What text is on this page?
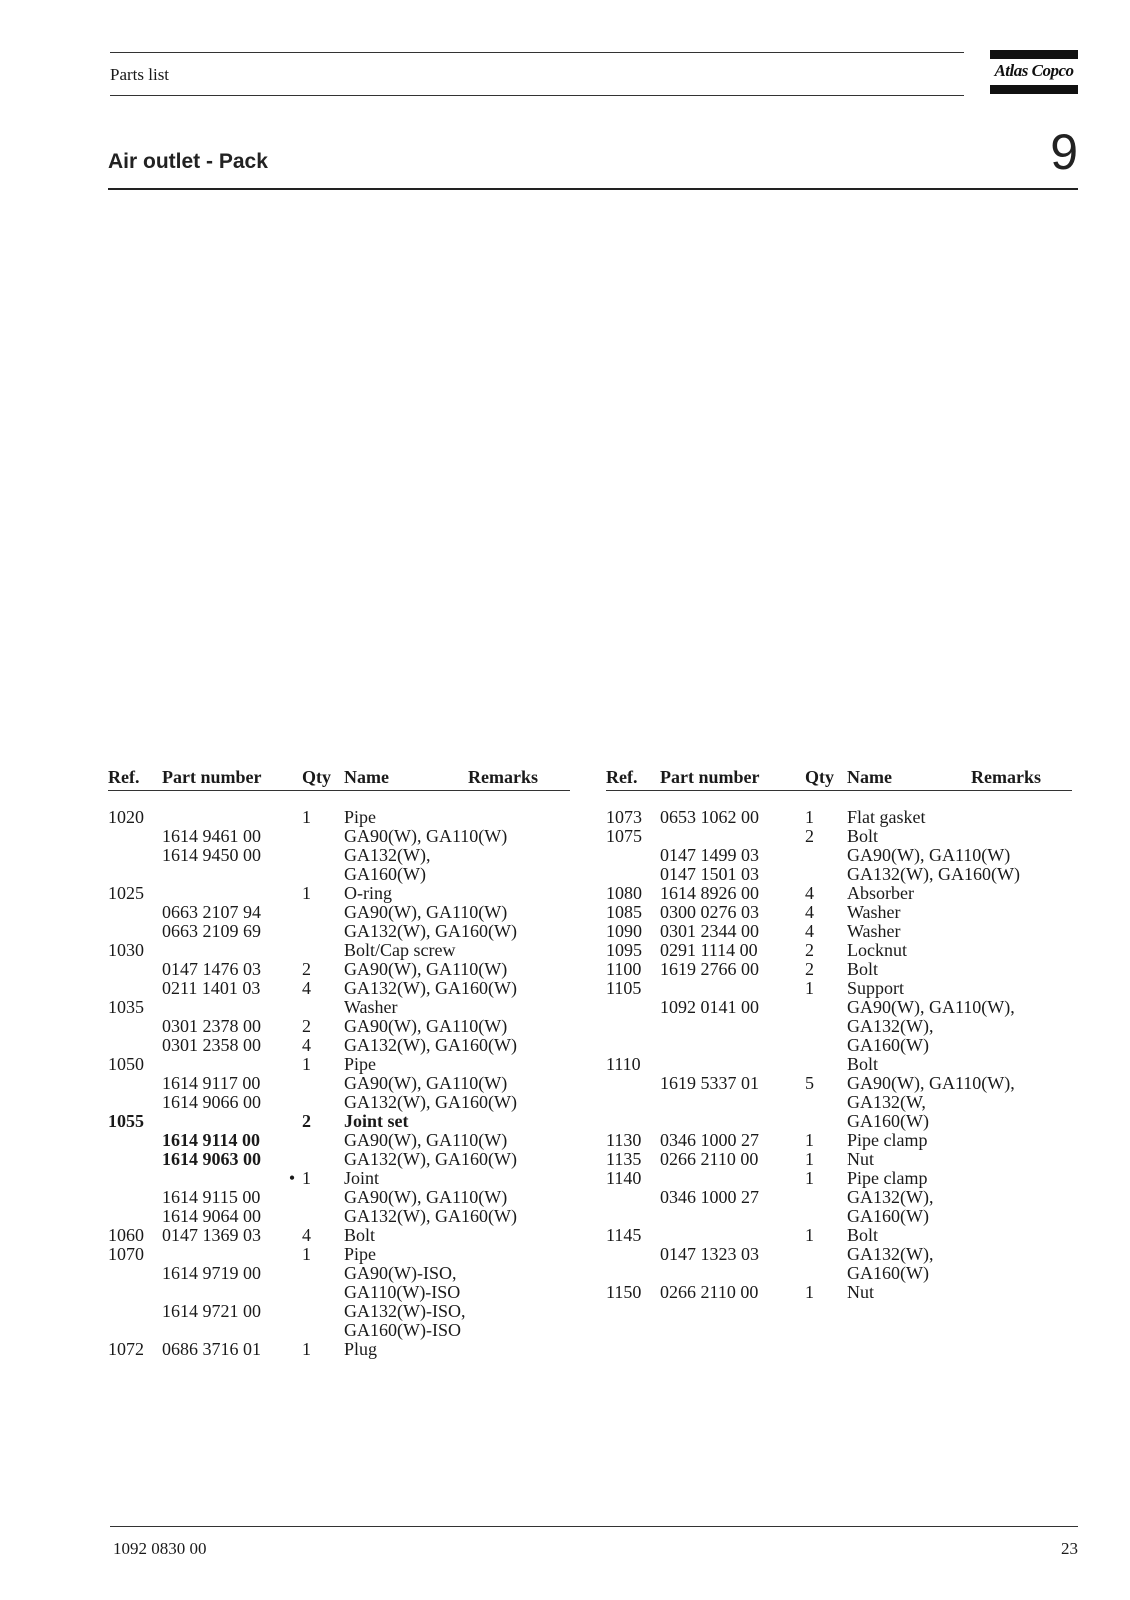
Parts list	Atlas Copco
Air outlet - Pack	9
Ref.	Part number		Qty	Name	Remarks

1020			1	Pipe	
	1614 9461 00			GA90(W), GA110(W)	
	1614 9450 00			GA132(W),	
				GA160(W)	
1025			1	O-ring	
	0663 2107 94			GA90(W), GA110(W)	
	0663 2109 69			GA132(W), GA160(W)	
1030				Bolt/Cap screw	
	0147 1476 03		2	GA90(W), GA110(W)	
	0211 1401 03		4	GA132(W), GA160(W)	
1035				Washer	
	0301 2378 00		2	GA90(W), GA110(W)	
	0301 2358 00		4	GA132(W), GA160(W)	
1050			1	Pipe	
	1614 9117 00			GA90(W), GA110(W)	
	1614 9066 00			GA132(W), GA160(W)	
1055			2	Joint set	
	1614 9114 00			GA90(W), GA110(W)	
	1614 9063 00			GA132(W), GA160(W)	
		•	1	Joint	
	1614 9115 00			GA90(W), GA110(W)	
	1614 9064 00			GA132(W), GA160(W)	
1060	0147 1369 03		4	Bolt	
1070			1	Pipe	
	1614 9719 00			GA90(W)-ISO,	
				GA110(W)-ISO	
	1614 9721 00			GA132(W)-ISO,	
				GA160(W)-ISO	
1072	0686 3716 01		1	Plug	
Ref.	Part number		Qty	Name	Remarks

1073	0653 1062 00		1	Flat gasket	
1075			2	Bolt	
	0147 1499 03			GA90(W), GA110(W)	
	0147 1501 03			GA132(W), GA160(W)	
1080	1614 8926 00		4	Absorber	
1085	0300 0276 03		4	Washer	
1090	0301 2344 00		4	Washer	
1095	0291 1114 00		2	Locknut	
1100	1619 2766 00		2	Bolt	
1105			1	Support	
	1092 0141 00			GA90(W), GA110(W),	
				GA132(W),	
				GA160(W)	
1110				Bolt	
	1619 5337 01		5	GA90(W), GA110(W),	
				GA132(W,	
				GA160(W)	
1130	0346 1000 27		1	Pipe clamp	
1135	0266 2110 00		1	Nut	
1140			1	Pipe clamp	
	0346 1000 27			GA132(W),	
				GA160(W)	
1145			1	Bolt	
	0147 1323 03			GA132(W),	
				GA160(W)	
1150	0266 2110 00		1	Nut	
1092 0830 00	23
